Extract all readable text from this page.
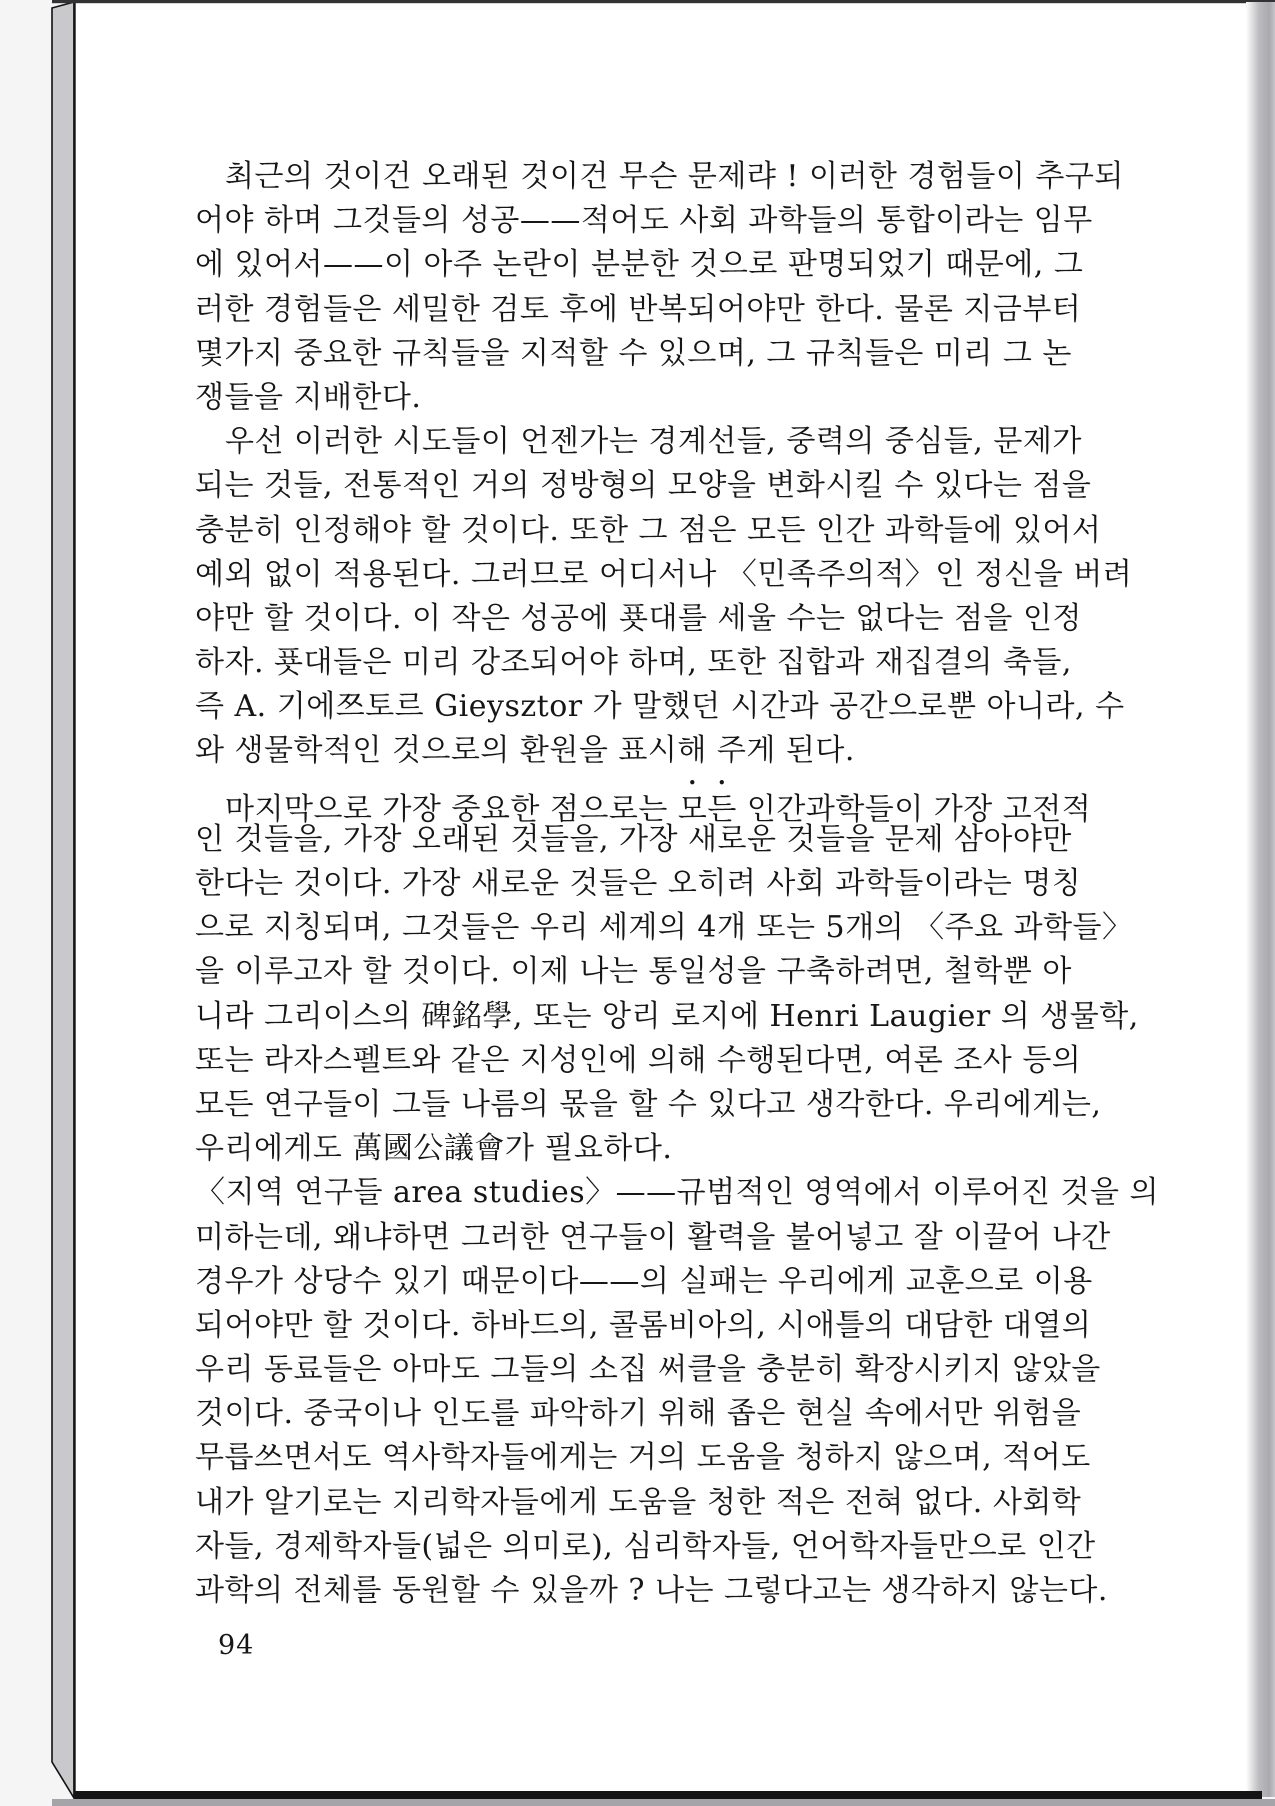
최근의 것이건 오래된 것이건 무슨 문제랴 ! 이러한 경험들이 추구되
어야 하며 그것들의 성공——적어도 사회 과학들의 통합이라는 임무
에 있어서——이 아주 논란이 분분한 것으로 판명되었기 때문에, 그
러한 경험들은 세밀한 검토 후에 반복되어야만 한다. 물론 지금부터
몇가지 중요한 규칙들을 지적할 수 있으며, 그 규칙들은 미리 그 논
쟁들을 지배한다.
우선 이러한 시도들이 언젠가는 경계선들, 중력의 중심들, 문제가
되는 것들, 전통적인 거의 정방형의 모양을 변화시킬 수 있다는 점을
충분히 인정해야 할 것이다. 또한 그 점은 모든 인간 과학들에 있어서
예외 없이 적용된다. 그러므로 어디서나 〈민족주의적〉인 정신을 버려
야만 할 것이다. 이 작은 성공에 푯대를 세울 수는 없다는 점을 인정
하자. 푯대들은 미리 강조되어야 하며, 또한 집합과 재집결의 축들,
즉 A. 기에쯔토르 Gieysztor 가 말했던 시간과 공간으로뿐 아니라, 수
와 생물학적인 것으로의 환원을 표시해 주게 된다.
마지막으로 가장 중요한 점으로는 모든 인간과학들이 가장 고전적
인 것들을, 가장 오래된 것들을, 가장 새로운 것들을 문제 삼아야만
한다는 것이다. 가장 새로운 것들은 오히려 사회 과학들이라는 명칭
으로 지칭되며, 그것들은 우리 세계의 4개 또는 5개의 〈주요 과학들〉
을 이루고자 할 것이다. 이제 나는 통일성을 구축하려면, 철학뿐 아
니라 그리이스의 碑銘學, 또는 앙리 로지에 Henri Laugier 의 생물학,
또는 라자스펠트와 같은 지성인에 의해 수행된다면, 여론 조사 등의
모든 연구들이 그들 나름의 몫을 할 수 있다고 생각한다. 우리에게는,
우리에게도 萬國公議會가 필요하다.
〈지역 연구들 area studies〉——규범적인 영역에서 이루어진 것을 의
미하는데, 왜냐하면 그러한 연구들이 활력을 불어넣고 잘 이끌어 나간
경우가 상당수 있기 때문이다——의 실패는 우리에게 교훈으로 이용
되어야만 할 것이다. 하바드의, 콜롬비아의, 시애틀의 대담한 대열의
우리 동료들은 아마도 그들의 소집 써클을 충분히 확장시키지 않았을
것이다. 중국이나 인도를 파악하기 위해 좁은 현실 속에서만 위험을
무릅쓰면서도 역사학자들에게는 거의 도움을 청하지 않으며, 적어도
내가 알기로는 지리학자들에게 도움을 청한 적은 전혀 없다. 사회학
자들, 경제학자들(넓은 의미로), 심리학자들, 언어학자들만으로 인간
과학의 전체를 동원할 수 있을까 ? 나는 그렇다고는 생각하지 않는다.
94
